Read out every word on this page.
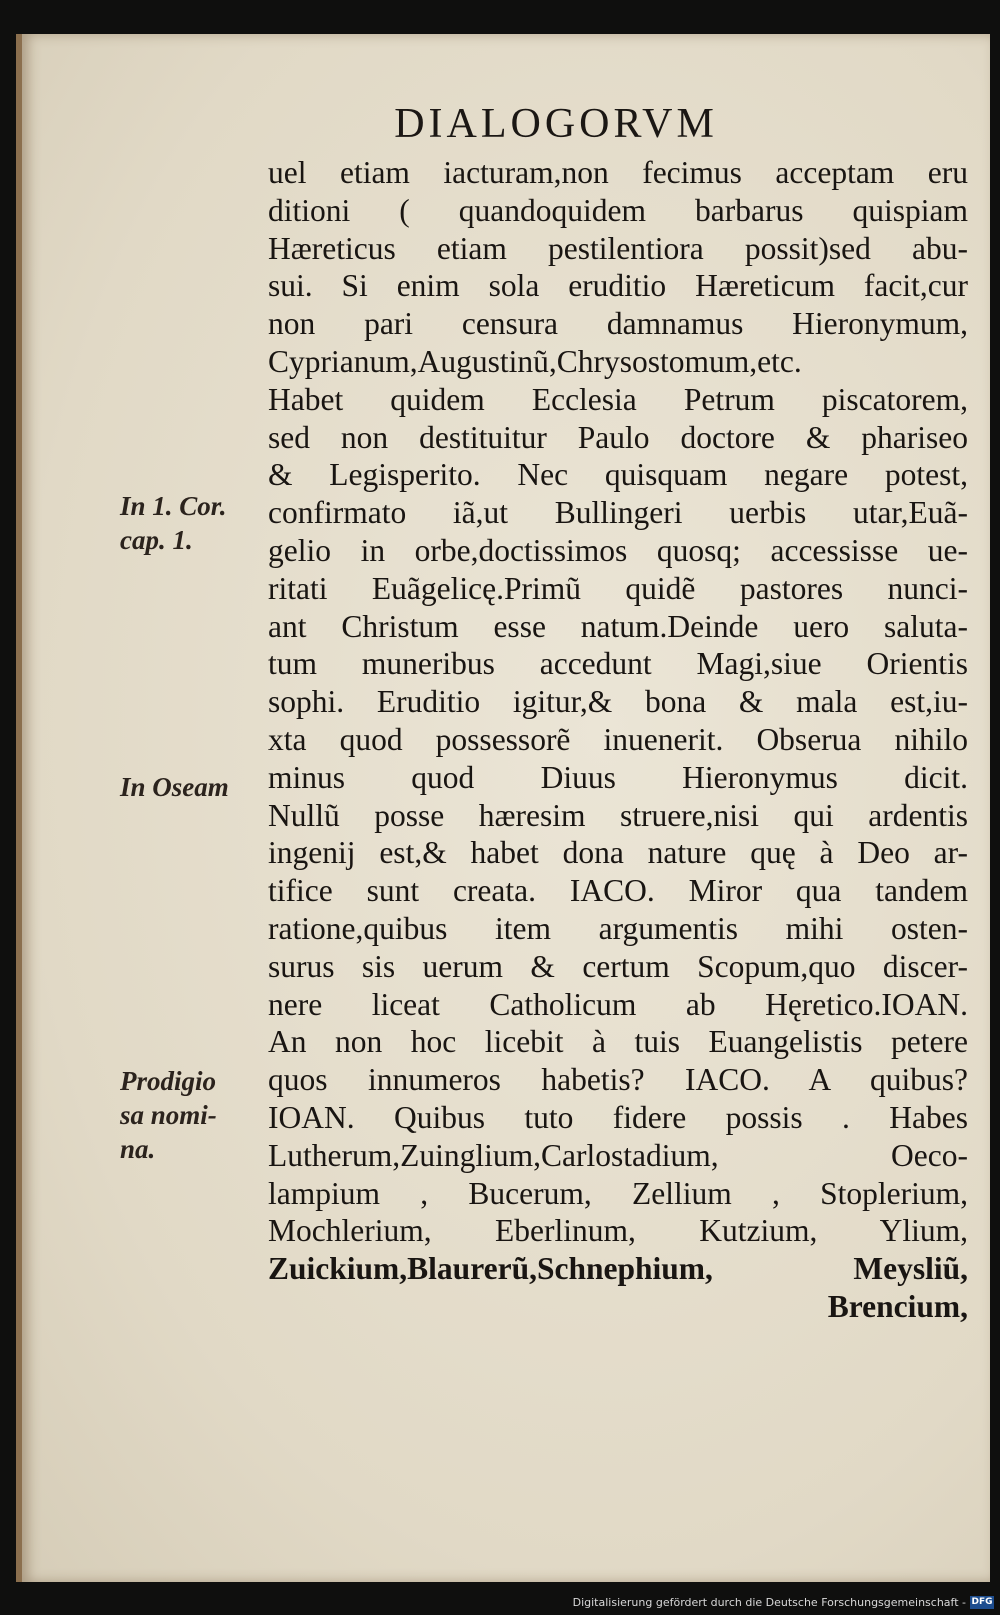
DIALOGORVM
uel etiam iacturam,non fecimus acceptam eru
ditioni ( quandoquidem barbarus quispiam
Hæreticus etiam pestilentiora possit)sed abu-
sui. Si enim sola eruditio Hæreticum facit,cur
non pari censura damnamus Hieronymum,
Cyprianum,Augustinũ,Chrysostomum,etc.
Habet quidem Ecclesia Petrum piscatorem,
sed non destituitur Paulo doctore & phariseo
& Legisperito. Nec quisquam negare potest,
confirmato iã,ut Bullingeri uerbis utar,Euã-
gelio in orbe,doctissimos quosq; accessisse ue-
ritati Euãgelicę.Primũ quidẽ pastores nunci-
ant Christum esse natum.Deinde uero saluta-
tum muneribus accedunt Magi,siue Orientis
sophi. Eruditio igitur,& bona & mala est,iu-
xta quod possessorẽ inuenerit. Obserua nihilo
minus quod Diuus Hieronymus dicit.
Nullũ posse hæresim struere,nisi qui ardentis
ingenij est,& habet dona nature quę à Deo ar-
tifice sunt creata. IACO. Miror qua tandem
ratione,quibus item argumentis mihi osten-
surus sis uerum & certum Scopum,quo discer-
nere liceat Catholicum ab Hęretico.IOAN.
An non hoc licebit à tuis Euangelistis petere
quos innumeros habetis? IACO. A quibus?
IOAN. Quibus tuto fidere possis . Habes
Lutherum,Zuinglium,Carlostadium, Oeco-
lampium , Bucerum, Zellium , Stoplerium,
Mochlerium, Eberlinum, Kutzium, Ylium,
Zuickium,Blaurerũ,Schnephium, Meysliũ,
Brencium,
In 1. Cor.
cap. 1.
In Oseam
Prodigio
sa nomi-
na.
Digitalisierung gefördert durch die Deutsche Forschungsgemeinschaft - DFG
